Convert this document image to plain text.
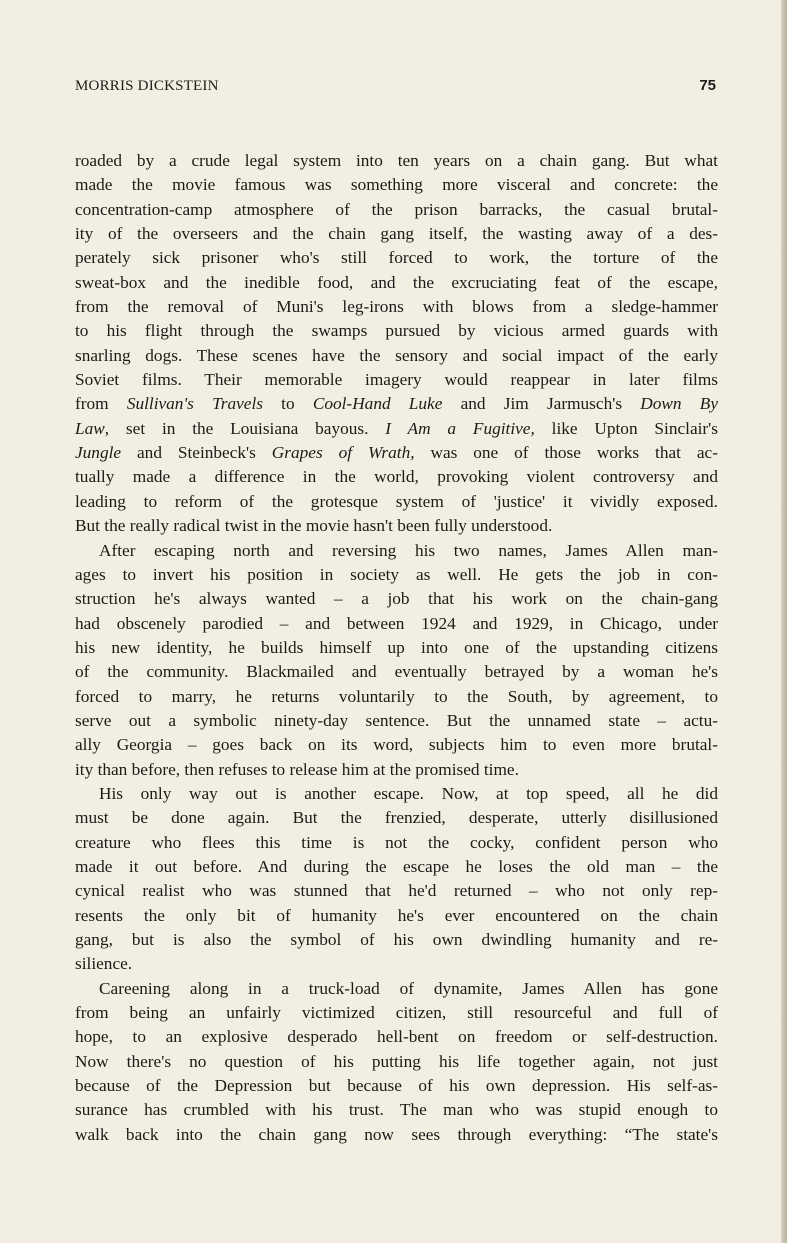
MORRIS DICKSTEIN	75
roaded by a crude legal system into ten years on a chain gang. But what
made the movie famous was something more visceral and concrete: the
concentration-camp atmosphere of the prison barracks, the casual brutal-
ity of the overseers and the chain gang itself, the wasting away of a des-
perately sick prisoner who's still forced to work, the torture of the
sweat-box and the inedible food, and the excruciating feat of the escape,
from the removal of Muni's leg-irons with blows from a sledge-hammer
to his flight through the swamps pursued by vicious armed guards with
snarling dogs. These scenes have the sensory and social impact of the early
Soviet films. Their memorable imagery would reappear in later films
from Sullivan's Travels to Cool-Hand Luke and Jim Jarmusch's Down By
Law, set in the Louisiana bayous. I Am a Fugitive, like Upton Sinclair's
Jungle and Steinbeck's Grapes of Wrath, was one of those works that ac-
tually made a difference in the world, provoking violent controversy and
leading to reform of the grotesque system of 'justice' it vividly exposed.
But the really radical twist in the movie hasn't been fully understood.
After escaping north and reversing his two names, James Allen man-
ages to invert his position in society as well. He gets the job in con-
struction he's always wanted – a job that his work on the chain-gang
had obscenely parodied – and between 1924 and 1929, in Chicago, under
his new identity, he builds himself up into one of the upstanding citizens
of the community. Blackmailed and eventually betrayed by a woman he's
forced to marry, he returns voluntarily to the South, by agreement, to
serve out a symbolic ninety-day sentence. But the unnamed state – actu-
ally Georgia – goes back on its word, subjects him to even more brutal-
ity than before, then refuses to release him at the promised time.
His only way out is another escape. Now, at top speed, all he did
must be done again. But the frenzied, desperate, utterly disillusioned
creature who flees this time is not the cocky, confident person who
made it out before. And during the escape he loses the old man – the
cynical realist who was stunned that he'd returned – who not only rep-
resents the only bit of humanity he's ever encountered on the chain
gang, but is also the symbol of his own dwindling humanity and re-
silience.
Careening along in a truck-load of dynamite, James Allen has gone
from being an unfairly victimized citizen, still resourceful and full of
hope, to an explosive desperado hell-bent on freedom or self-destruction.
Now there's no question of his putting his life together again, not just
because of the Depression but because of his own depression. His self-as-
surance has crumbled with his trust. The man who was stupid enough to
walk back into the chain gang now sees through everything: “The state's
